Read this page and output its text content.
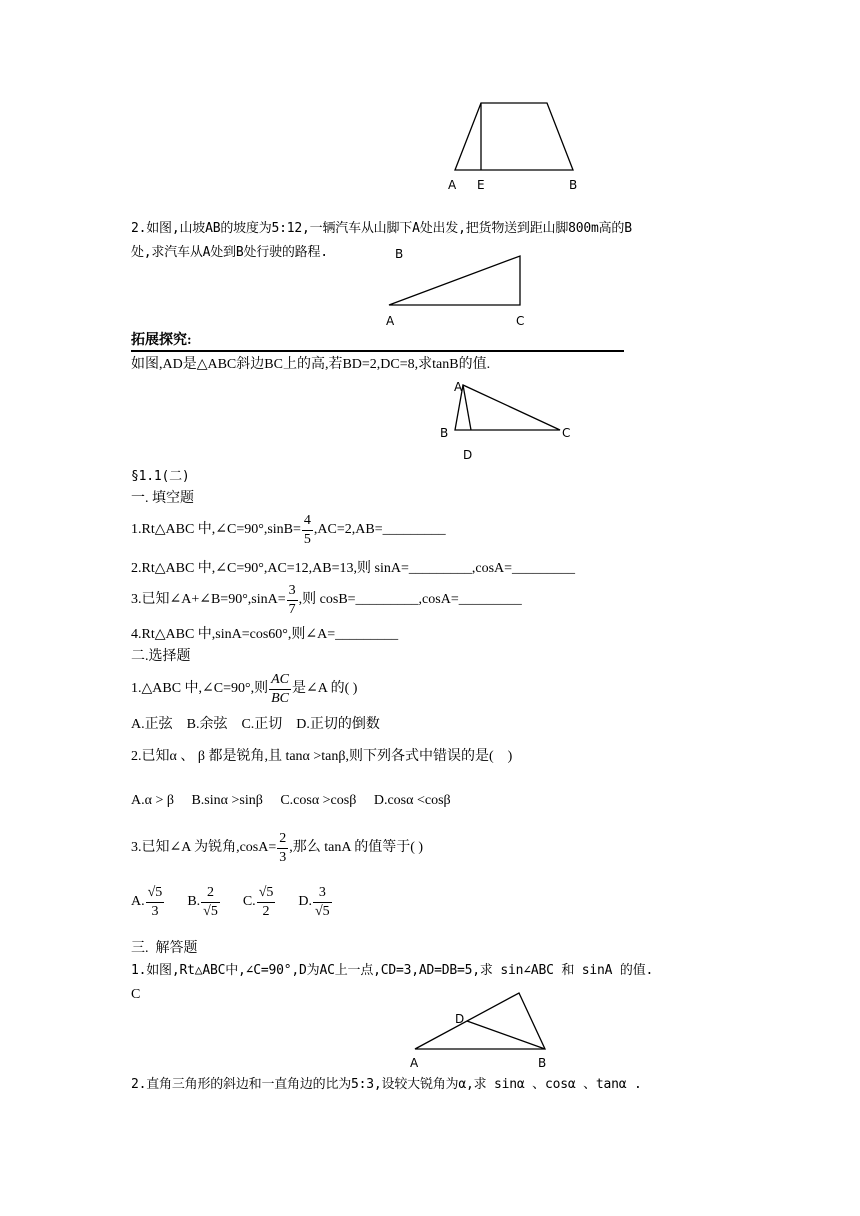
A E	B
2.如图,山坡AB的坡度为5:12,一辆汽车从山脚下A处出发,把货物送到距山脚800m高的B
处,求汽车从A处到B处行驶的路程.	B
A	C
拓展探究:
如图,AD是△ABC斜边BC上的高,若BD=2,DC=8,求tanB的值.
A
B	C
D
§1.1(二)
一. 填空题
1.Rt△ABC 中,∠C=90°,sinB= $\frac{4}{5}$ ,AC=2,AB=_________
2.Rt△ABC 中,∠C=90°,AC=12,AB=13,则 sinA=_________,cosA=_________
3.已知∠A+∠B=90°,sinA= $\frac{3}{7}$ ,则 cosB=_________,cosA=_________
4.Rt△ABC 中,sinA=cos60°,则∠A=_________
二.选择题
1.△ABC 中,∠C=90°,则 $\frac{AC}{BC}$ 是∠A 的( )
A.正弦    B.余弦    C.正切    D.正切的倒数
2.已知α 、 β 都是锐角,且 tanα >tanβ,则下列各式中错误的是(    )
A.α > β     B.sinα >sinβ     C.cosα >cosβ     D.cosα <cosβ
3.已知∠A 为锐角$,\cos A= \frac{2}{3}$ ,那么 tanA 的值等于( )
A. $\frac{√5}{3} B$. $\frac{2}{√5} C$. $\frac{√5}{2} D$. $\frac{3}{√5}$
三.  解答题
1.如图,Rt△ABC中,∠C=90°,D为AC上一点,CD=3,AD=DB=5,求 sin∠ABC 和 sinA 的值.
C
D
A	B
2.直角三角形的斜边和一直角边的比为5:3,设较大锐角为α,求 sinα 、cosα 、tanα .
